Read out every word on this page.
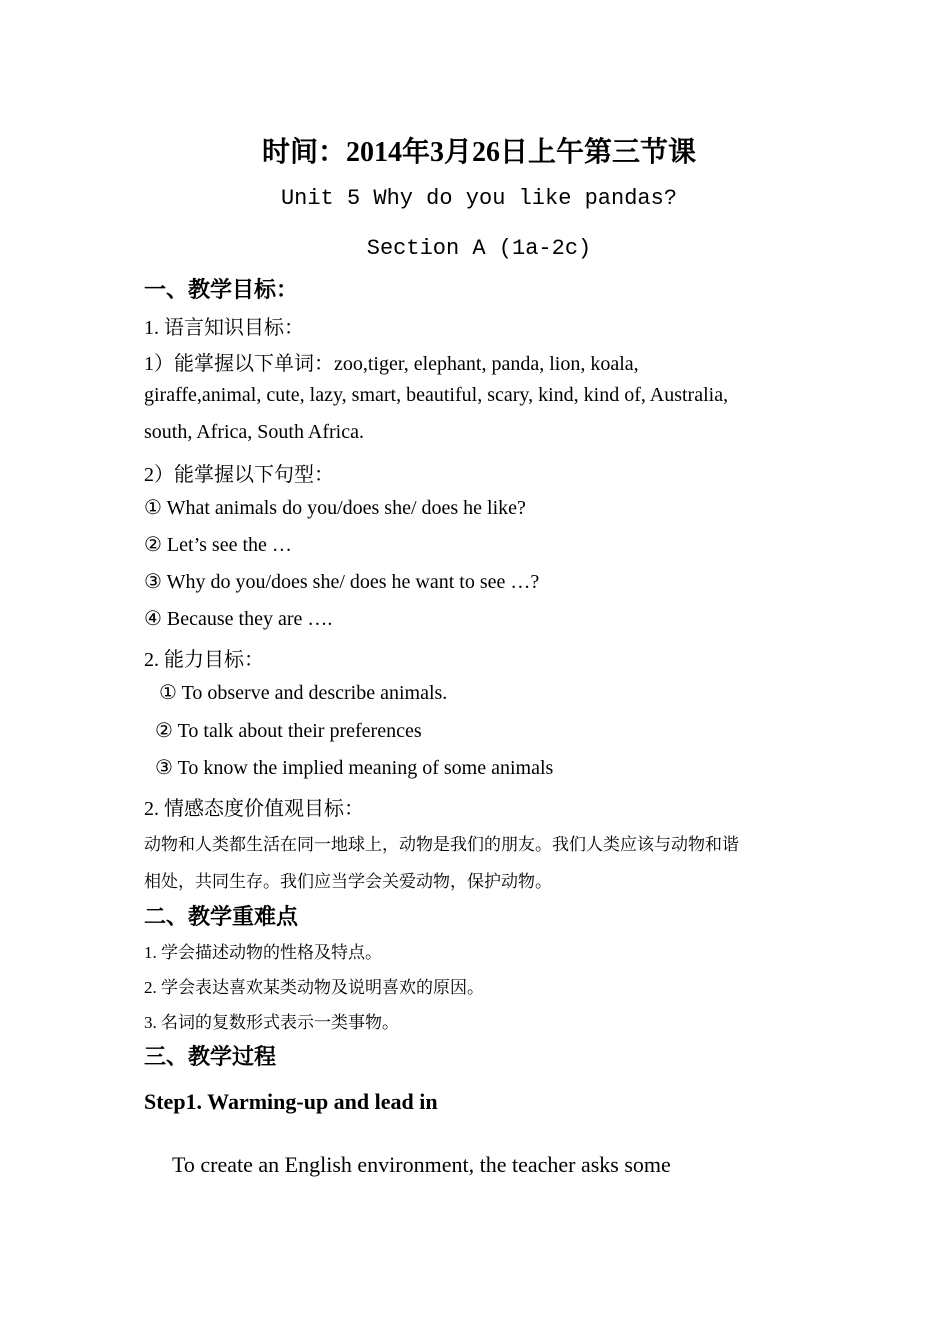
时间：2014年3月26日上午第三节课
Unit 5 Why do you like pandas?
Section A (1a-2c)
一、教学目标：
1. 语言知识目标：
1）能掌握以下单词：zoo,tiger, elephant, panda, lion, koala,
giraffe,animal, cute, lazy, smart, beautiful, scary, kind, kind of, Australia,
south, Africa, South Africa.
2）能掌握以下句型：
① What animals do you/does she/ does he like?
② Let’s see the …
③ Why do you/does she/ does he want to see …?
④ Because they are ….
2. 能力目标：
① To observe and describe animals.
② To talk about their preferences
③ To know the implied meaning of some animals
2. 情感态度价值观目标：
动物和人类都生活在同一地球上，动物是我们的朋友。我们人类应该与动物和谐
相处，共同生存。我们应当学会关爱动物，保护动物。
二、教学重难点
1. 学会描述动物的性格及特点。
2. 学会表达喜欢某类动物及说明喜欢的原因。
3. 名词的复数形式表示一类事物。
三、教学过程
Step1. Warming-up and lead in
To create an English environment, the teacher asks some
